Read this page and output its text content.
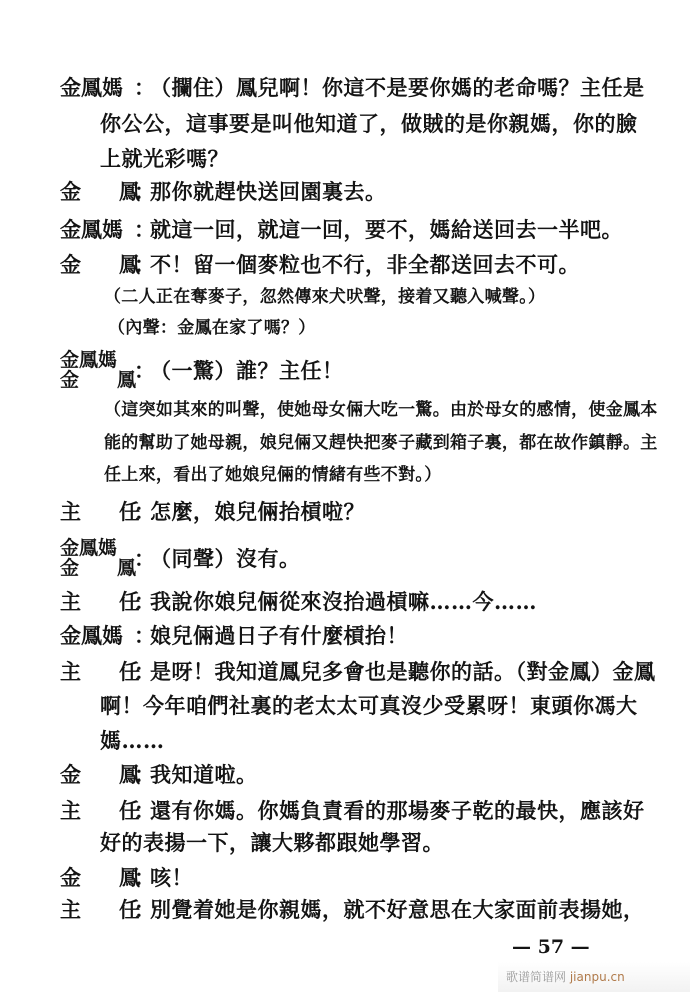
金鳳媽 ：
（攔住）鳳兒啊！你這不是要你媽的老命嗎？主任是
你公公，這事要是叫他知道了，做賊的是你親媽，你的臉
上就光彩嗎？
金 鳳
：
那你就趕快送回園裏去。
金鳳媽 ：
就這一回，就這一回，要不，媽給送回去一半吧。
金 鳳
：
不！留一個麥粒也不行，非全都送回去不可。
（二人正在奪麥子，忽然傳來犬吠聲，接着又聽入喊聲。）
（內聲：金鳳在家了嗎？）
金鳳媽
金 鳳
：
（一驚）誰？主任！
（這突如其來的叫聲，使她母女倆大吃一驚。由於母女的感情，使金鳳本
能的幫助了她母親，娘兒倆又趕快把麥子藏到箱子裏，都在故作鎮靜。主
任上來，看出了她娘兒倆的情緒有些不對。）
主 任
：
怎麼，娘兒倆抬槓啦？
金鳳媽
金 鳳
：
（同聲）沒有。
主 任
：
我說你娘兒倆從來沒抬過槓嘛……今……
金鳳媽 ：
娘兒倆過日子有什麼槓抬！
主 任
：
是呀！我知道鳳兒多會也是聽你的話。（對金鳳）金鳳
啊！今年咱們社裏的老太太可真沒少受累呀！東頭你馮大
媽……
金 鳳
：
我知道啦。
主 任
：
還有你媽。你媽負責看的那場麥子乾的最快，應該好
好的表揚一下，讓大夥都跟她學習。
金 鳳
：
咳！
主 任
：
別覺着她是你親媽，就不好意思在大家面前表揚她，
— 57 —
歌谱简谱网 jianpu.cn
